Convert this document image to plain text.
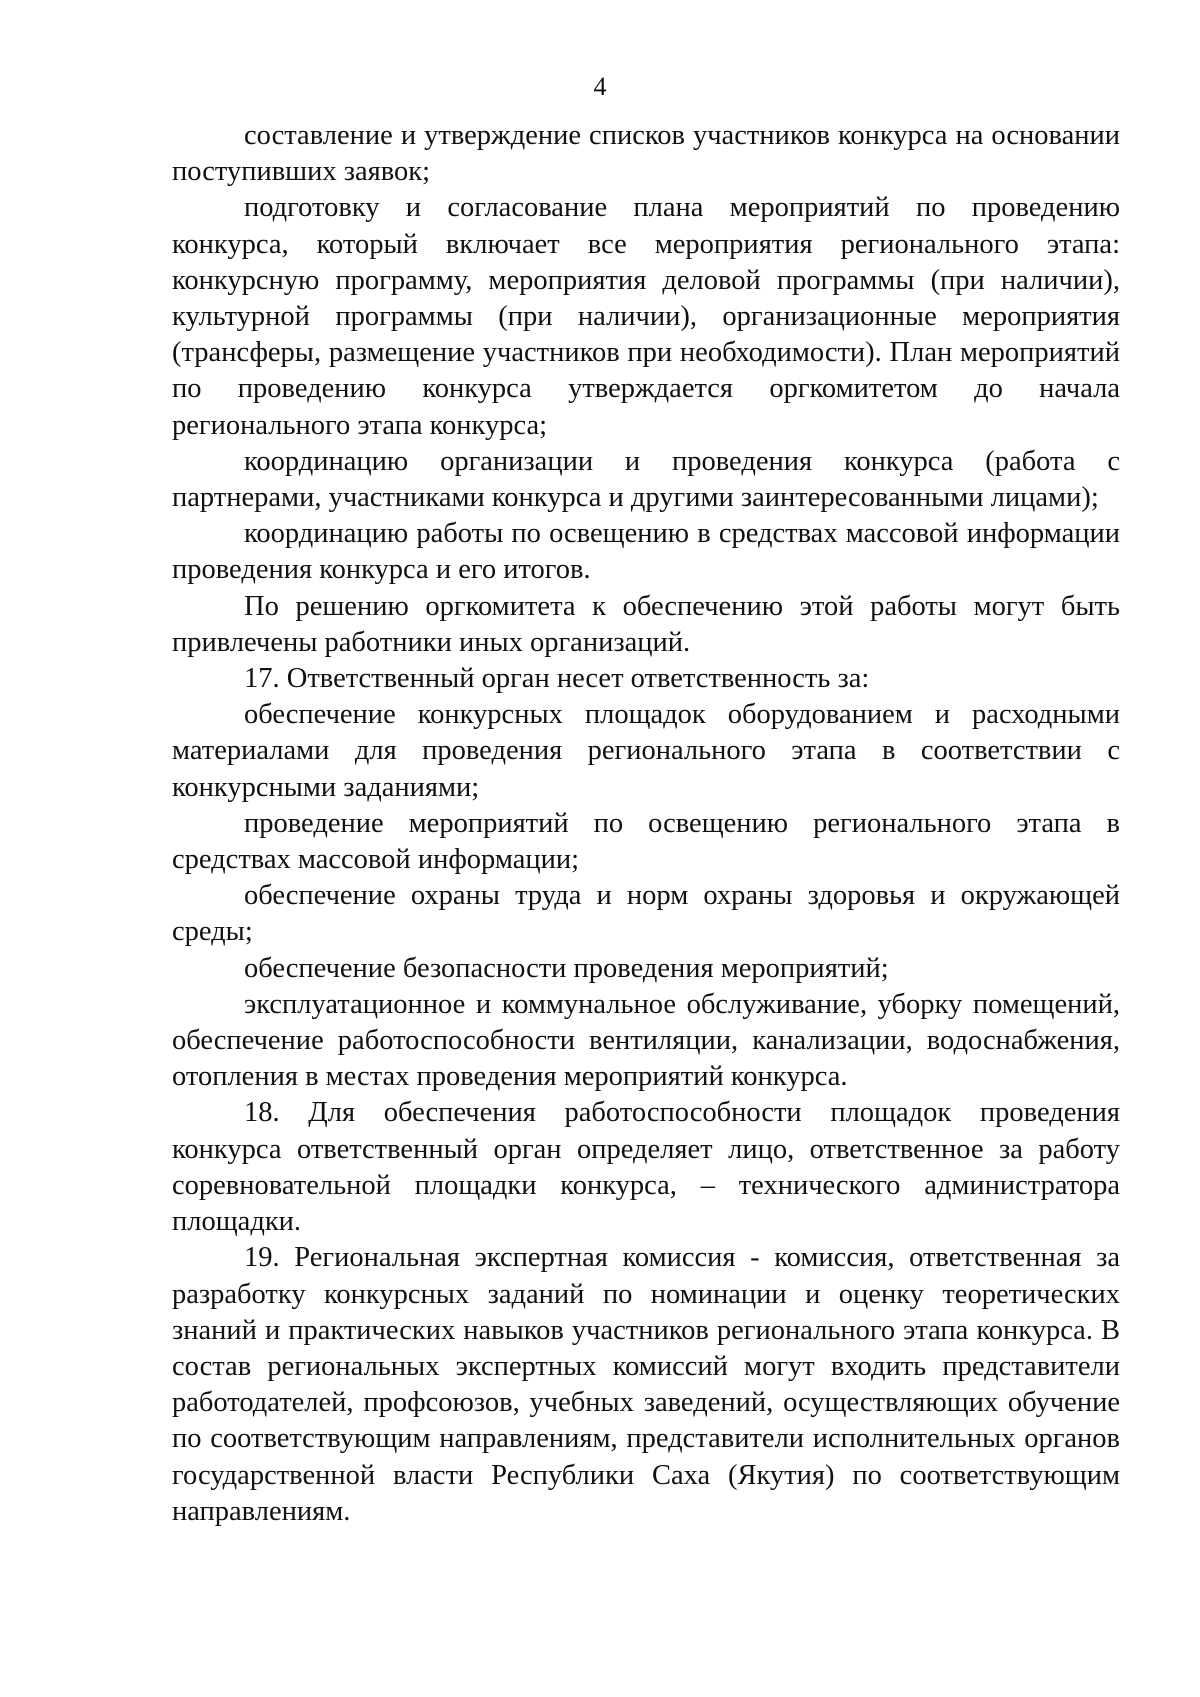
4

составление и утверждение списков участников конкурса на основании поступивших заявок;

подготовку и согласование плана мероприятий по проведению конкурса, который включает все мероприятия регионального этапа: конкурсную программу, мероприятия деловой программы (при наличии), культурной программы (при наличии), организационные мероприятия (трансферы, размещение участников при необходимости). План мероприятий по проведению конкурса утверждается оргкомитетом до начала регионального этапа конкурса;

координацию организации и проведения конкурса (работа с партнерами, участниками конкурса и другими заинтересованными лицами);

координацию работы по освещению в средствах массовой информации проведения конкурса и его итогов.

По решению оргкомитета к обеспечению этой работы могут быть привлечены работники иных организаций.

17. Ответственный орган несет ответственность за:

обеспечение конкурсных площадок оборудованием и расходными материалами для проведения регионального этапа в соответствии с конкурсными заданиями;

проведение мероприятий по освещению регионального этапа в средствах массовой информации;

обеспечение охраны труда и норм охраны здоровья и окружающей среды;

обеспечение безопасности проведения мероприятий;

эксплуатационное и коммунальное обслуживание, уборку помещений, обеспечение работоспособности вентиляции, канализации, водоснабжения, отопления в местах проведения мероприятий конкурса.

18. Для обеспечения работоспособности площадок проведения конкурса ответственный орган определяет лицо, ответственное за работу соревновательной площадки конкурса, – технического администратора площадки.

19. Региональная экспертная комиссия - комиссия, ответственная за разработку конкурсных заданий по номинации и оценку теоретических знаний и практических навыков участников регионального этапа конкурса. В состав региональных экспертных комиссий могут входить представители работодателей, профсоюзов, учебных заведений, осуществляющих обучение по соответствующим направлениям, представители исполнительных органов государственной власти Республики Саха (Якутия) по соответствующим направлениям.
